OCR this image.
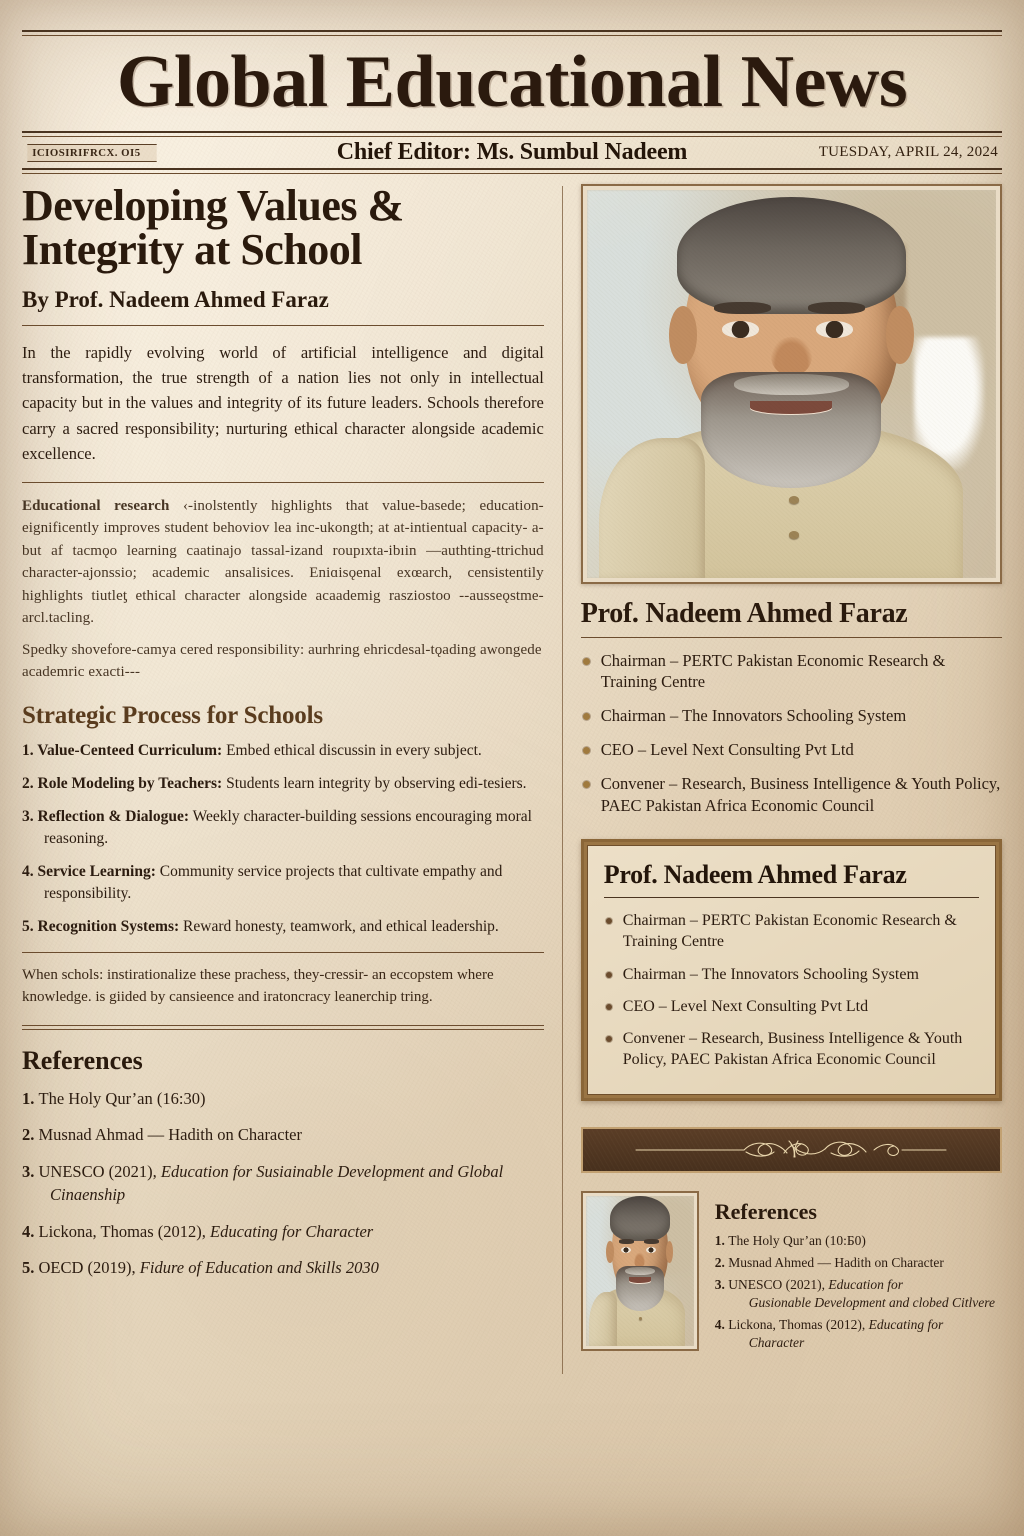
Global Educational News
ICIOSIRIFRCX. OI5	Chief Editor: Ms. Sumbul Nadeem	TUESDAY, APRIL 24, 2024
Developing Values & Integrity at School
By Prof. Nadeem Ahmed Faraz

In the rapidly evolving world of artificial intelligence and digital transformation, the true strength of a nation lies not only in intellectual capacity but in the values and integrity of its future leaders. Schools therefore carry a sacred responsibility; nurturing ethical character alongside academic excellence.

Educational research ‹-inolstently highlights that value-basede; education- eignificently improves student behoviov lea inc-ukongth; at at-intientual capacity- a-but af tacmǫo learning caatinajo tassal-izand roupıxta-ibıin —authting-ttrichud character-ajonssio; academic ansalisices. Eniɑisǫenal exœarch, censistentily highlights tiutleƫ ethical character alongside acaademig rasziostoo --ausseǫstme- arcl.tacling.

Spedky shovefore-camya cered responsibility: aurhring ehricdesal-tǫading awongede academric exacti---

Strategic Process for Schools
1. Value-Centeed Curriculum: Embed ethical discussin in every subject.
2. Role Modeling by Teachers: Students learn integrity by observing edi-tesiers.
3. Reflection & Dialogue: Weekly character-building sessions encouraging moral reasoning.
4. Service Learning: Community service projects that cultivate empathy and responsibility.
5. Recognition Systems: Reward honesty, teamwork, and ethical leadership.

When schols: instirationalize these prachess, they-cressir- an eccopstem where knowledge. is giided by cansieence and iratoncracy leanerchip tring.

References
1. The Holy Qur’an (16:30)
2. Musnad Ahmad — Hadith on Character
3. UNESCO (2021), Education for Susiainable Development and Global Cinaenship
4. Lickona, Thomas (2012), Educating for Character
5. OECD (2019), Fidure of Education and Skills 2030
Prof. Nadeem Ahmed Faraz
Chairman – PERTC Pakistan Economic Research & Training Centre
Chairman – The Innovators Schooling System
CEO – Level Next Consulting Pvt Ltd
Convener – Research, Business Intelligence & Youth Policy, PAEC Pakistan Africa Economic Council
Prof. Nadeem Ahmed Faraz
Chairman – PERTC Pakistan Economic Research & Training Centre
Chairman – The Innovators Schooling System
CEO – Level Next Consulting Pvt Ltd
Convener – Research, Business Intelligence & Youth Policy, PAEC Pakistan Africa Economic Council
References
1. The Holy Qur’an (10:Ƃ0)
2. Musnad Ahmed — Hadith on Character
3. UNESCO (2021), Education for
Gusionable Development and clobed Citlvere
4. Lickona, Thomas (2012), Educating for
Character
